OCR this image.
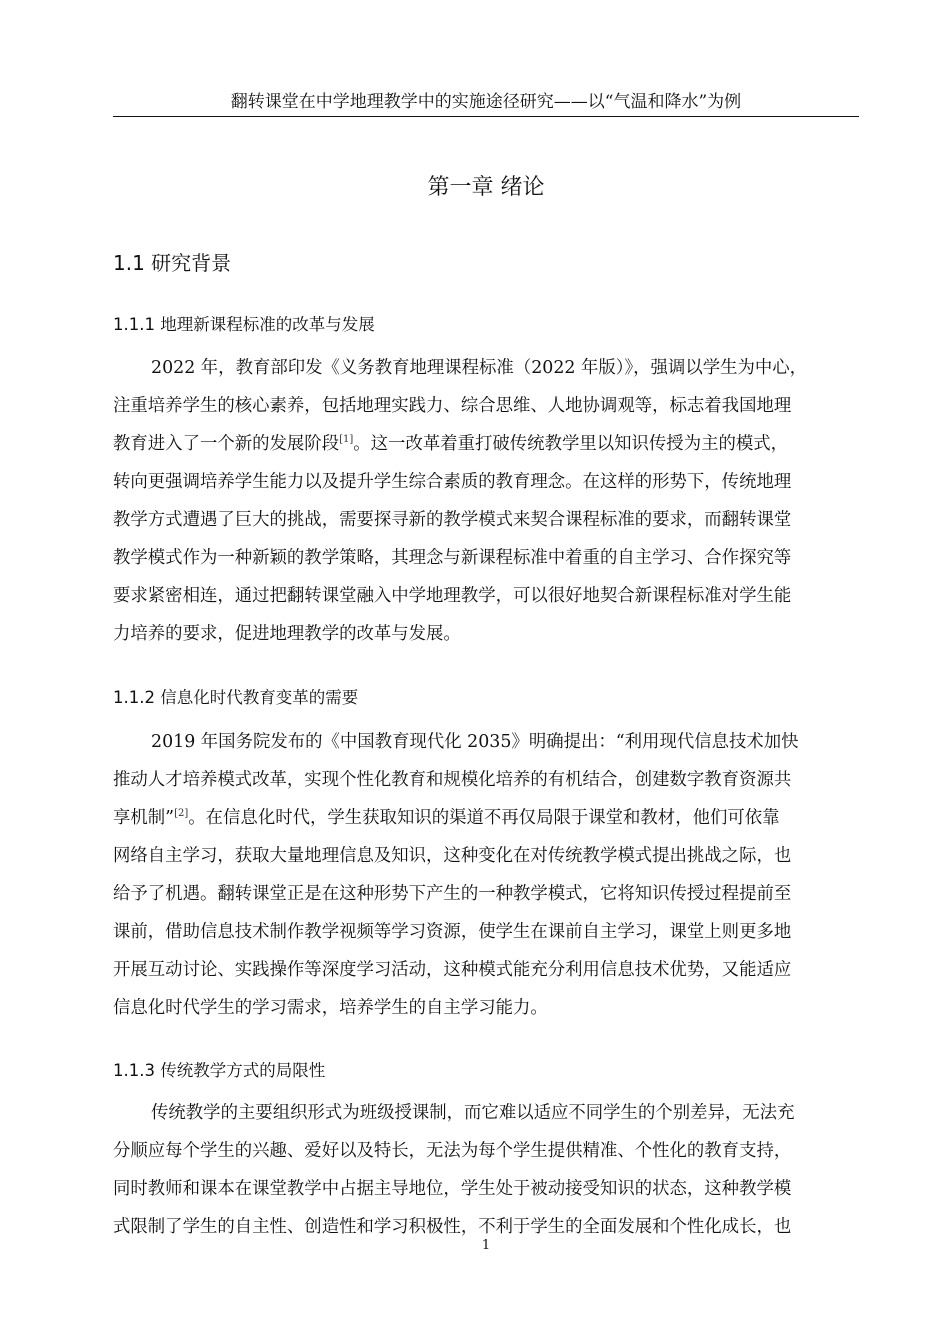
翻转课堂在中学地理教学中的实施途径研究——以“气温和降水”为例
第一章 绪论
1.1 研究背景
1.1.1 地理新课程标准的改革与发展
2022 年，教育部印发《义务教育地理课程标准（2022 年版）》，强调以学生为中心，
注重培养学生的核心素养，包括地理实践力、综合思维、人地协调观等，标志着我国地理
教育进入了一个新的发展阶段[1]。这一改革着重打破传统教学里以知识传授为主的模式，
转向更强调培养学生能力以及提升学生综合素质的教育理念。在这样的形势下，传统地理
教学方式遭遇了巨大的挑战，需要探寻新的教学模式来契合课程标准的要求，而翻转课堂
教学模式作为一种新颖的教学策略，其理念与新课程标准中着重的自主学习、合作探究等
要求紧密相连，通过把翻转课堂融入中学地理教学，可以很好地契合新课程标准对学生能
力培养的要求，促进地理教学的改革与发展。
1.1.2 信息化时代教育变革的需要
2019 年国务院发布的《中国教育现代化 2035》明确提出：“利用现代信息技术加快
推动人才培养模式改革，实现个性化教育和规模化培养的有机结合，创建数字教育资源共
享机制”[2]。在信息化时代，学生获取知识的渠道不再仅局限于课堂和教材，他们可依靠
网络自主学习，获取大量地理信息及知识，这种变化在对传统教学模式提出挑战之际，也
给予了机遇。翻转课堂正是在这种形势下产生的一种教学模式，它将知识传授过程提前至
课前，借助信息技术制作教学视频等学习资源，使学生在课前自主学习，课堂上则更多地
开展互动讨论、实践操作等深度学习活动，这种模式能充分利用信息技术优势，又能适应
信息化时代学生的学习需求，培养学生的自主学习能力。
1.1.3 传统教学方式的局限性
传统教学的主要组织形式为班级授课制，而它难以适应不同学生的个别差异，无法充
分顺应每个学生的兴趣、爱好以及特长，无法为每个学生提供精准、个性化的教育支持，
同时教师和课本在课堂教学中占据主导地位，学生处于被动接受知识的状态，这种教学模
式限制了学生的自主性、创造性和学习积极性，不利于学生的全面发展和个性化成长，也
1
